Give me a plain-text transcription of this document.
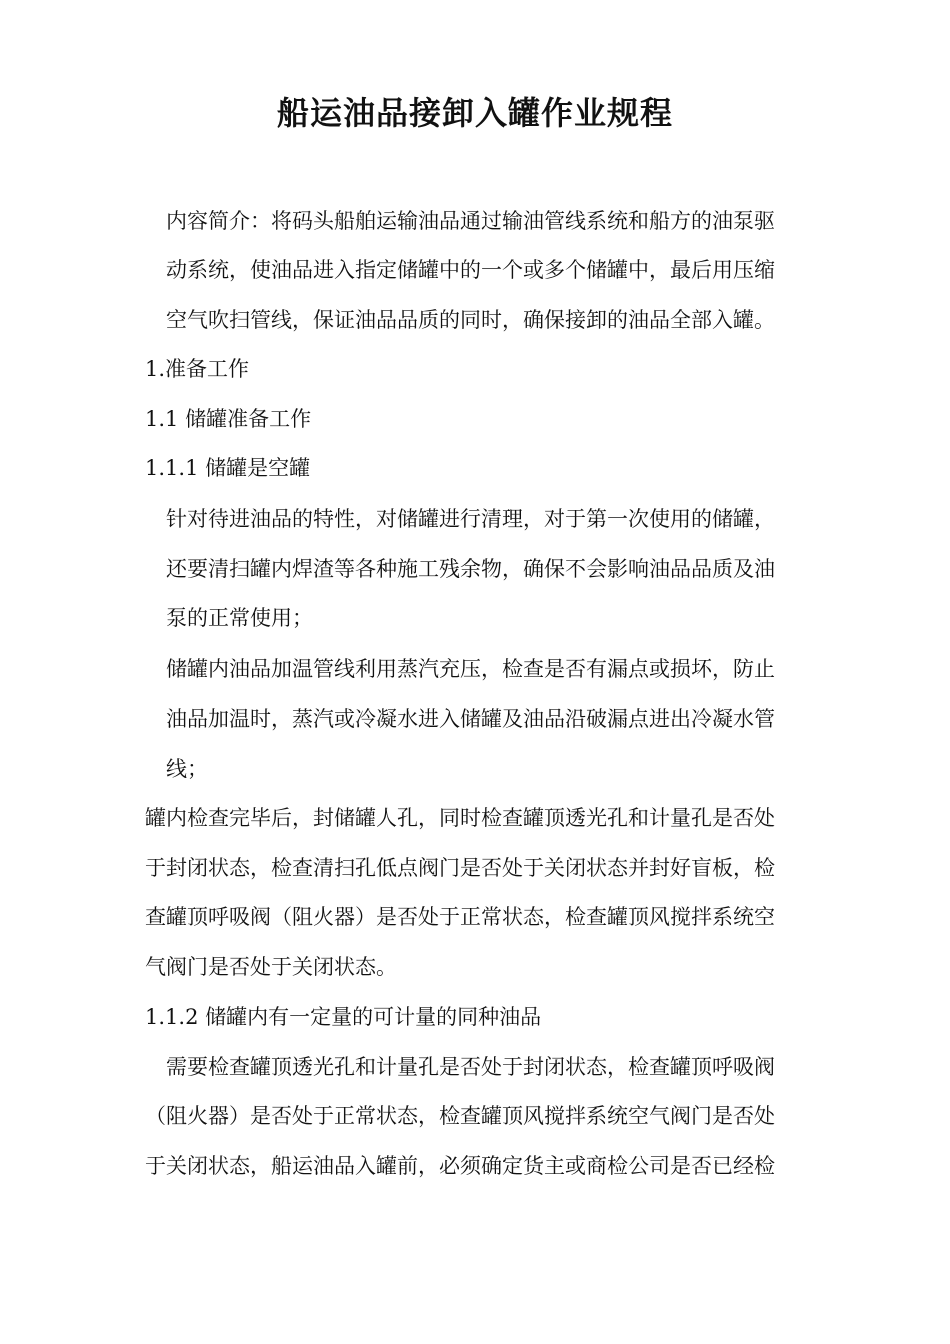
船运油品接卸入罐作业规程
内容简介：将码头船舶运输油品通过输油管线系统和船方的油泵驱
动系统，使油品进入指定储罐中的一个或多个储罐中，最后用压缩
空气吹扫管线，保证油品品质的同时，确保接卸的油品全部入罐。
1.准备工作
1.1 储罐准备工作
1.1.1 储罐是空罐
针对待进油品的特性，对储罐进行清理，对于第一次使用的储罐，
还要清扫罐内焊渣等各种施工残余物，确保不会影响油品品质及油
泵的正常使用；
储罐内油品加温管线利用蒸汽充压，检查是否有漏点或损坏，防止
油品加温时，蒸汽或冷凝水进入储罐及油品沿破漏点进出冷凝水管
线；
罐内检查完毕后，封储罐人孔，同时检查罐顶透光孔和计量孔是否处
于封闭状态，检查清扫孔低点阀门是否处于关闭状态并封好盲板，检
查罐顶呼吸阀（阻火器）是否处于正常状态，检查罐顶风搅拌系统空
气阀门是否处于关闭状态。
1.1.2 储罐内有一定量的可计量的同种油品
需要检查罐顶透光孔和计量孔是否处于封闭状态，检查罐顶呼吸阀
（阻火器）是否处于正常状态，检查罐顶风搅拌系统空气阀门是否处
于关闭状态，船运油品入罐前，必须确定货主或商检公司是否已经检
